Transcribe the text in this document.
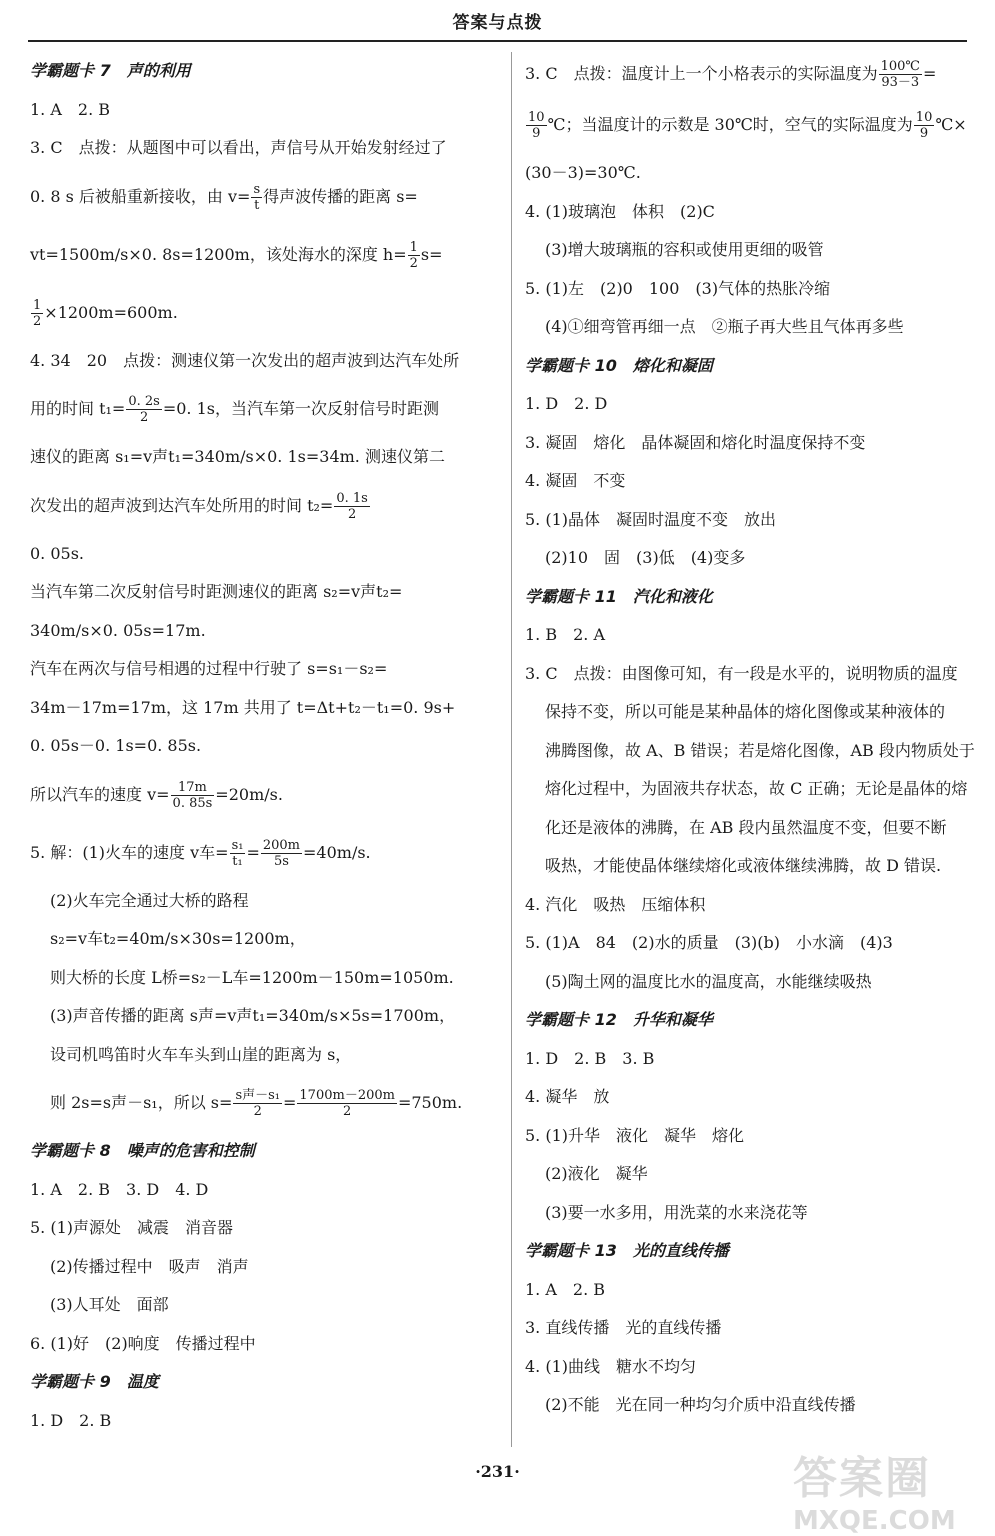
答案与点拨
学霸题卡 7　声的利用
1. A　2. B
3. C　点拨：从题图中可以看出，声信号从开始发射经过了
0. 8 s 后被船重新接收，由 $v= \frac{s}{t}$ 得声波传播的距离 s=
vt=1500m/s×0. 8s=1200m，该处海水的深度 $h= \frac{1}{2} s=$
$\frac{1}{2} \times 1200m=600m$.
4. 34　20　点拨：测速仪第一次发出的超声波到达汽车处所
用的时间 $t_1= \frac{0. 2s}{2} =0$. 1s，当汽车第一次反射信号时距测
速仪的距离 s₁=v声t₁=340m/s×0. 1s=34m. 测速仪第二
次发出的超声波到达汽车处所用的时间 $t_2= \frac{0. 1s}{2}$
0. 05s.
当汽车第二次反射信号时距测速仪的距离 s₂=v声t₂=
340m/s×0. 05s=17m.
汽车在两次与信号相遇的过程中行驶了 s=s₁－s₂=
34m－17m=17m，这 17m 共用了 t=Δt+t₂－t₁=0. 9s+
0. 05s－0. 1s=0. 85s.
所以汽车的速度 $v= \frac{17m}{0. 85s} =20m/s$.
5. 解：(1)火车的速度 v车= $\frac{\text{s₁}}{\text{t₁}} = \frac{200m}{5s} =40m/s$.
(2)火车完全通过大桥的路程
s₂=v车t₂=40m/s×30s=1200m，
则大桥的长度 L桥=s₂－L车=1200m－150m=1050m.
(3)声音传播的距离 s声=v声t₁=340m/s×5s=1700m，
设司机鸣笛时火车车头到山崖的距离为 s，
则 2s=s声－s₁，所以 $s= \frac{\text{s声－s₁}}{2} = \frac{1700m-200m}{2} =750m$.
学霸题卡 8　噪声的危害和控制
1. A　2. B　3. D　4. D
5. (1)声源处　减震　消音器
(2)传播过程中　吸声　消声
(3)人耳处　面部
6. (1)好　(2)响度　传播过程中
学霸题卡 9　温度
1. D　2. B
3. C　点拨：温度计上一个小格表示的实际温度为 $\frac{100℃}{93-3}$ =
$\frac{10}{9}$ ℃；当温度计的示数是 30℃时，空气的实际温度为 $\frac{10}{9}$ ℃×
(30－3)=30℃.
4. (1)玻璃泡　体积　(2)C
(3)增大玻璃瓶的容积或使用更细的吸管
5. (1)左　(2)0　100　(3)气体的热胀冷缩
(4)①细弯管再细一点　②瓶子再大些且气体再多些
学霸题卡 10　熔化和凝固
1. D　2. D
3. 凝固　熔化　晶体凝固和熔化时温度保持不变
4. 凝固　不变
5. (1)晶体　凝固时温度不变　放出
(2)10　固　(3)低　(4)变多
学霸题卡 11　汽化和液化
1. B　2. A
3. C　点拨：由图像可知，有一段是水平的，说明物质的温度
保持不变，所以可能是某种晶体的熔化图像或某种液体的
沸腾图像，故 A、B 错误；若是熔化图像，AB 段内物质处于
熔化过程中，为固液共存状态，故 C 正确；无论是晶体的熔
化还是液体的沸腾，在 AB 段内虽然温度不变，但要不断
吸热，才能使晶体继续熔化或液体继续沸腾，故 D 错误.
4. 汽化　吸热　压缩体积
5. (1)A　84　(2)水的质量　(3)(b)　小水滴　(4)3
(5)陶土网的温度比水的温度高，水能继续吸热
学霸题卡 12　升华和凝华
1. D　2. B　3. B
4. 凝华　放
5. (1)升华　液化　凝华　熔化
(2)液化　凝华
(3)要一水多用，用洗菜的水来浇花等
学霸题卡 13　光的直线传播
1. A　2. B
3. 直线传播　光的直线传播
4. (1)曲线　糖水不均匀
(2)不能　光在同一种均匀介质中沿直线传播
·231·	答案圈
MXQE.COM
